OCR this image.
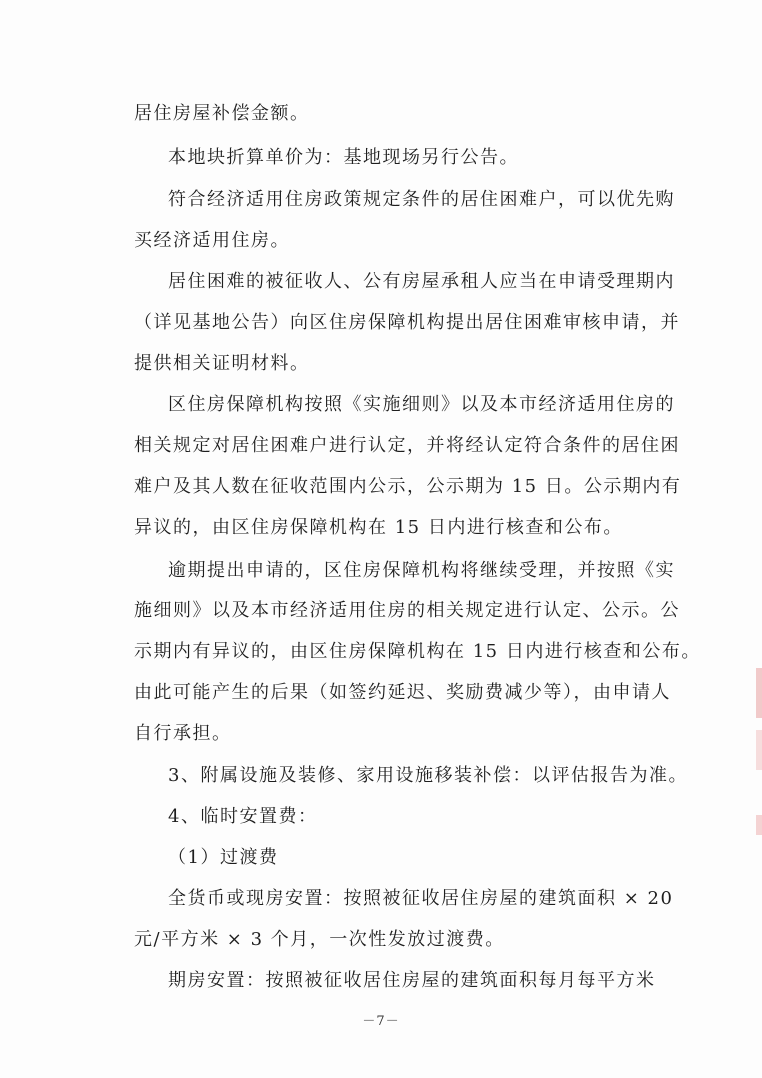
居住房屋补偿金额。
本地块折算单价为：基地现场另行公告。
符合经济适用住房政策规定条件的居住困难户，可以优先购
买经济适用住房。
居住困难的被征收人、公有房屋承租人应当在申请受理期内
（详见基地公告）向区住房保障机构提出居住困难审核申请，并
提供相关证明材料。
区住房保障机构按照《实施细则》以及本市经济适用住房的
相关规定对居住困难户进行认定，并将经认定符合条件的居住困
难户及其人数在征收范围内公示，公示期为 15 日。公示期内有
异议的，由区住房保障机构在 15 日内进行核查和公布。
逾期提出申请的，区住房保障机构将继续受理，并按照《实
施细则》以及本市经济适用住房的相关规定进行认定、公示。公
示期内有异议的，由区住房保障机构在 15 日内进行核查和公布。
由此可能产生的后果（如签约延迟、奖励费减少等），由申请人
自行承担。
3、附属设施及装修、家用设施移装补偿：以评估报告为准。
4、临时安置费：
（1）过渡费
全货币或现房安置：按照被征收居住房屋的建筑面积 × 20
元/平方米 × 3 个月，一次性发放过渡费。
期房安置：按照被征收居住房屋的建筑面积每月每平方米
－7－
